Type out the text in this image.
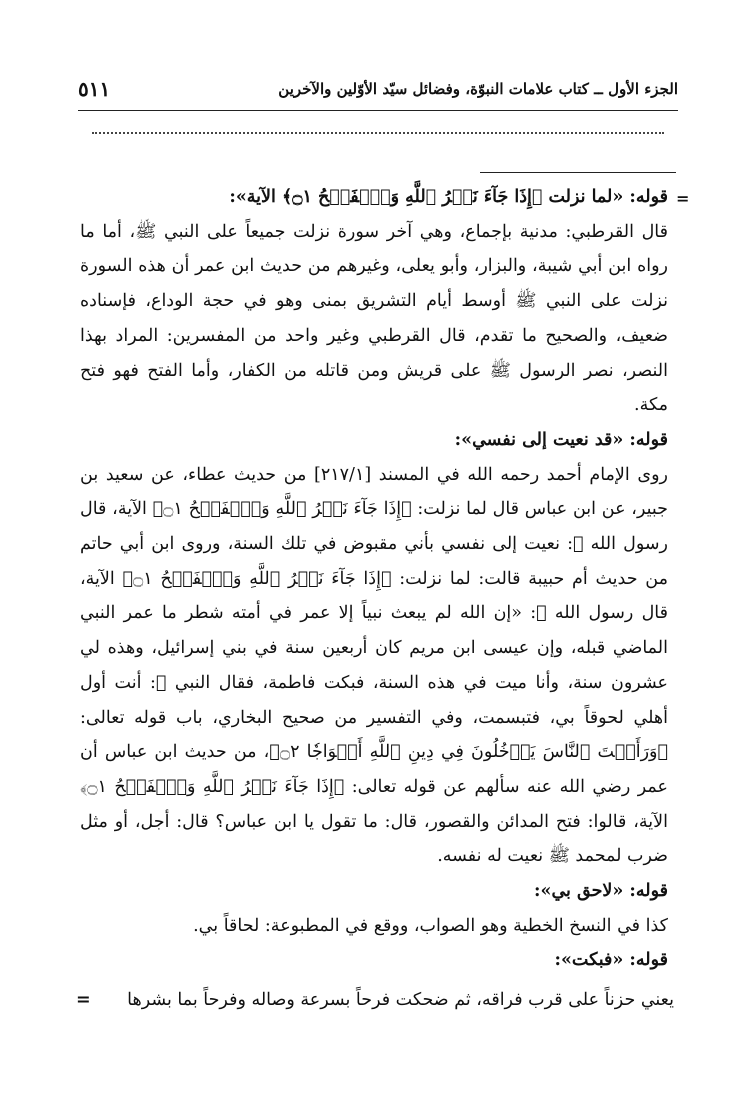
الجزء الأول ــ كتاب علامات النبوّة، وفضائل سيّد الأوّلين والآخرين
٥١١
=

قوله: «لما نزلت ﴿إِذَا جَآءَ نَصۡرُ ٱللَّهِ وَٱلۡفَتۡحُ ۝١﴾ الآية»:

قال القرطبي: مدنية بإجماع، وهي آخر سورة نزلت جميعاً على النبي ﷺ، أما ما رواه ابن أبي شيبة، والبزار، وأبو يعلى، وغيرهم من حديث ابن عمر أن هذه السورة نزلت على النبي ﷺ أوسط أيام التشريق بمنى وهو في حجة الوداع، فإسناده ضعيف، والصحيح ما تقدم، قال القرطبي وغير واحد من المفسرين: المراد بهذا النصر، نصر الرسول ﷺ على قريش ومن قاتله من الكفار، وأما الفتح فهو فتح مكة.

قوله: «قد نعيت إلى نفسي»:

روى الإمام أحمد رحمه الله في المسند [٢١٧/١] من حديث عطاء، عن سعيد بن جبير، عن ابن عباس قال لما نزلت: ﴿إِذَا جَآءَ نَصۡرُ ٱللَّهِ وَٱلۡفَتۡحُ ۝١﴾ الآية، قال رسول الله ﷺ: نعيت إلى نفسي بأني مقبوض في تلك السنة، وروى ابن أبي حاتم من حديث أم حبيبة قالت: لما نزلت: ﴿إِذَا جَآءَ نَصۡرُ ٱللَّهِ وَٱلۡفَتۡحُ ۝١﴾ الآية، قال رسول الله ﷺ: «إن الله لم يبعث نبياً إلا عمر في أمته شطر ما عمر النبي الماضي قبله، وإن عيسى ابن مريم كان أربعين سنة في بني إسرائيل، وهذه لي عشرون سنة، وأنا ميت في هذه السنة، فبكت فاطمة، فقال النبي ﷺ: أنت أول أهلي لحوقاً بي، فتبسمت، وفي التفسير من صحيح البخاري، باب قوله تعالى: ﴿وَرَأَيۡتَ ٱلنَّاسَ يَدۡخُلُونَ فِي دِينِ ٱللَّهِ أَفۡوَاجٗا ۝٢﴾، من حديث ابن عباس أن عمر رضي الله عنه سألهم عن قوله تعالى: ﴿إِذَا جَآءَ نَصۡرُ ٱللَّهِ وَٱلۡفَتۡحُ ۝١﴾ الآية، قالوا: فتح المدائن والقصور، قال: ما تقول يا ابن عباس؟ قال: أجل، أو مثل ضرب لمحمد ﷺ نعيت له نفسه.

قوله: «لاحق بي»:

كذا في النسخ الخطية وهو الصواب، ووقع في المطبوعة: لحاقاً بي.

قوله: «فبكت»:

يعني حزناً على قرب فراقه، ثم ضحكت فرحاً بسرعة وصاله وفرحاً بما بشرها
=
